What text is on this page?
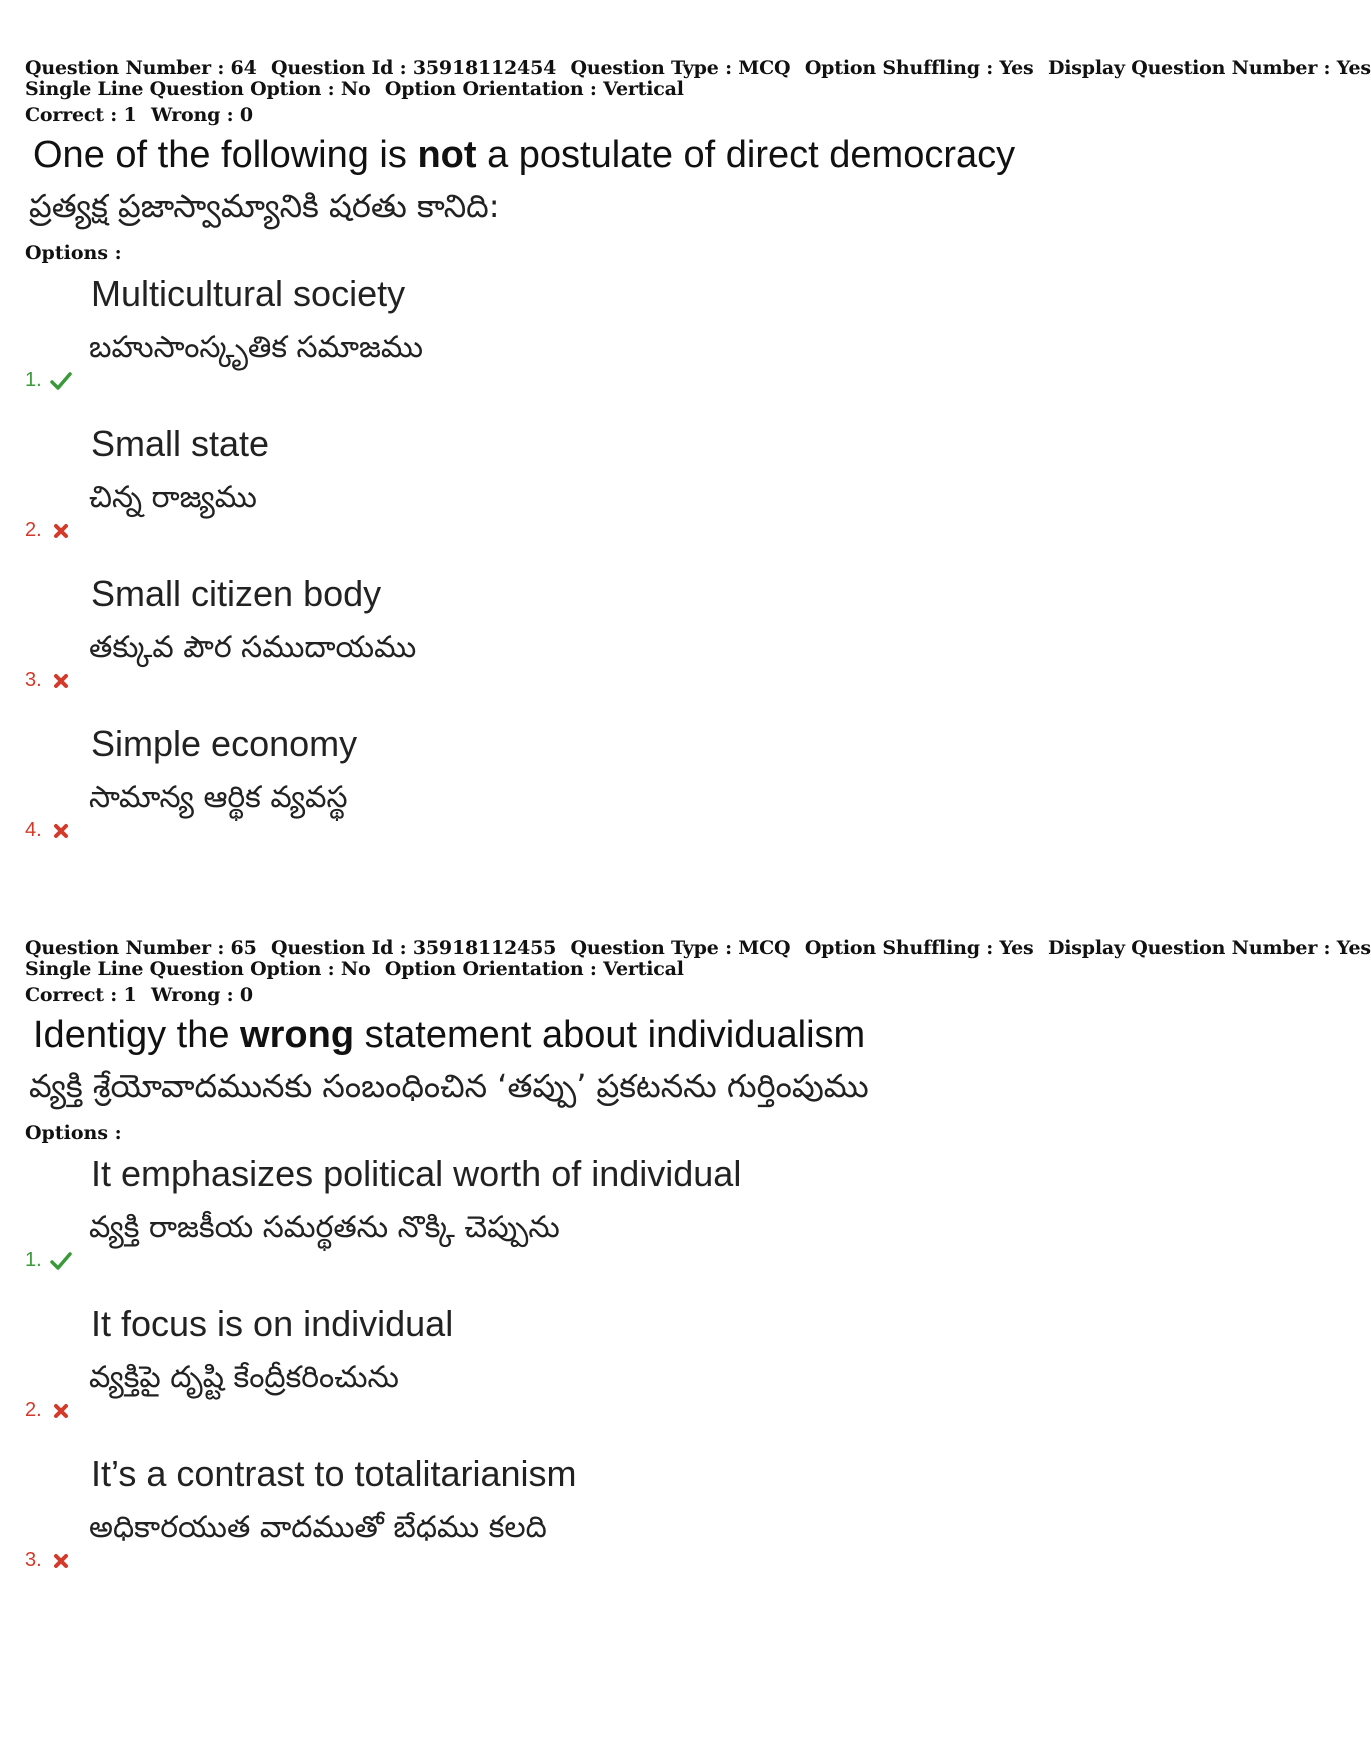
Question Number : 64 Question Id : 35918112454 Question Type : MCQ Option Shuffling : Yes Display Question Number : Yes
Single Line Question Option : No Option Orientation : Vertical
Correct : 1 Wrong : 0
One of the following is not a postulate of direct democracy
ప్రత్యక్ష ప్రజాస్వామ్యానికి షరతు కానిది:
Options :
Multicultural society
బహుసాంస్కృతిక సమాజము
1.
Small state
చిన్న రాజ్యము
2.
Small citizen body
తక్కువ పౌర సముదాయము
3.
Simple economy
సామాన్య ఆర్థిక వ్యవస్థ
4.
Question Number : 65 Question Id : 35918112455 Question Type : MCQ Option Shuffling : Yes Display Question Number : Yes
Single Line Question Option : No Option Orientation : Vertical
Correct : 1 Wrong : 0
Identigy the wrong statement about individualism
వ్యక్తి శ్రేయోవాదమునకు సంబంధించిన ‘తప్పు’ ప్రకటనను గుర్తింపుము
Options :
It emphasizes political worth of individual
వ్యక్తి రాజకీయ సమర్థతను నొక్కి చెప్పును
1.
It focus is on individual
వ్యక్తిపై దృష్టి కేంద్రీకరించును
2.
It’s a contrast to totalitarianism
అధికారయుత వాదముతో బేధము కలది
3.
